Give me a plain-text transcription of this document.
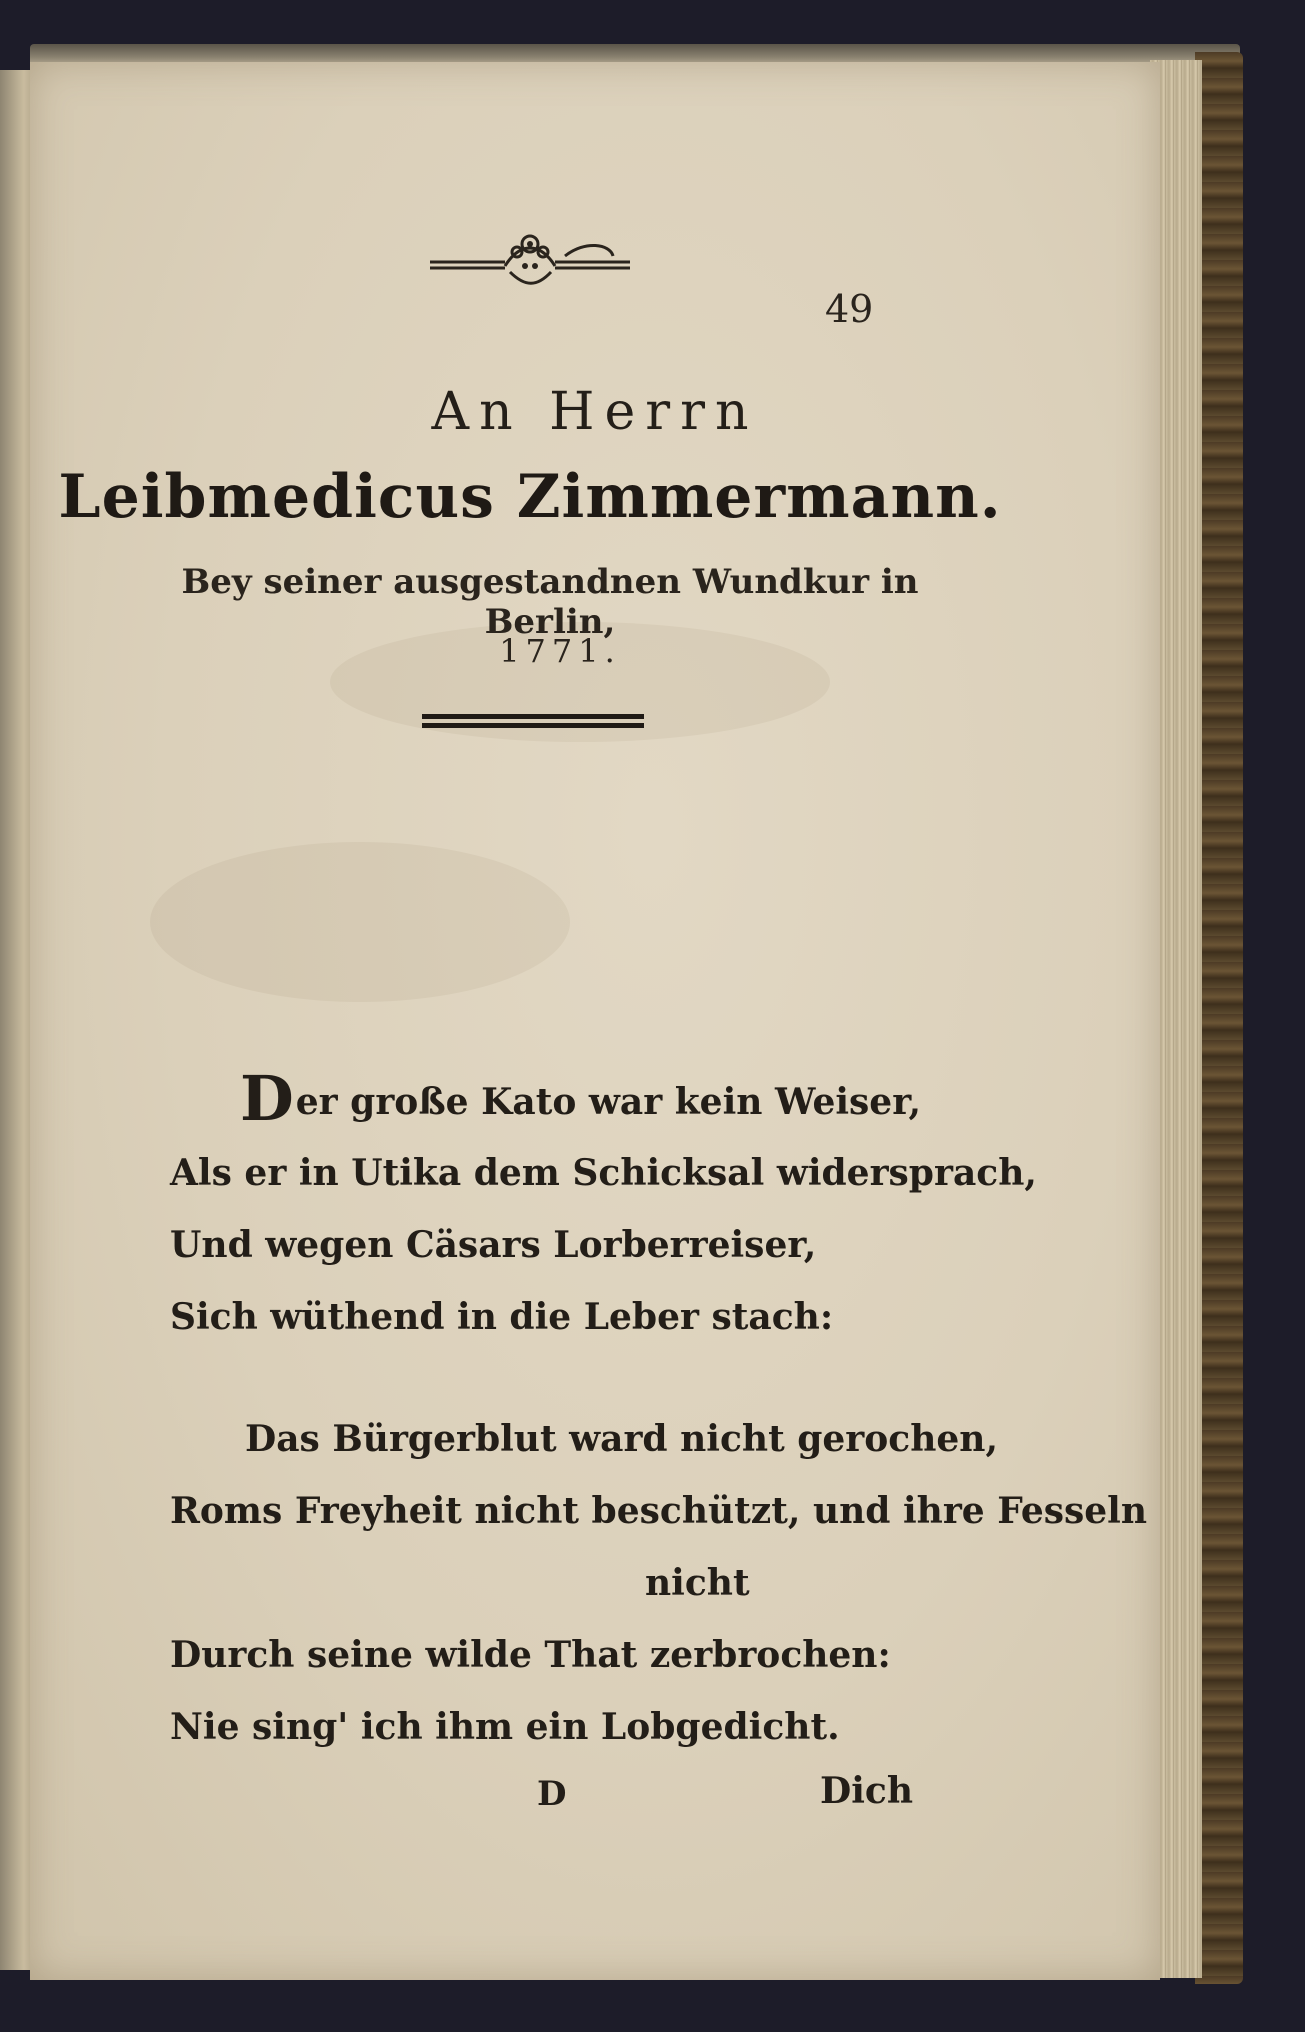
49
An Herrn
Leibmedicus Zimmermann.
Bey seiner ausgestandnen Wundkur in Berlin,
1771.
Der große Kato war kein Weiser,
Als er in Utika dem Schicksal widersprach,
Und wegen Cäsars Lorberreiser,
Sich wüthend in die Leber stach:
Das Bürgerblut ward nicht gerochen,
Roms Freyheit nicht beschützt, und ihre Fesseln
nicht
Durch seine wilde That zerbrochen:
Nie sing' ich ihm ein Lobgedicht.
D	Dich
